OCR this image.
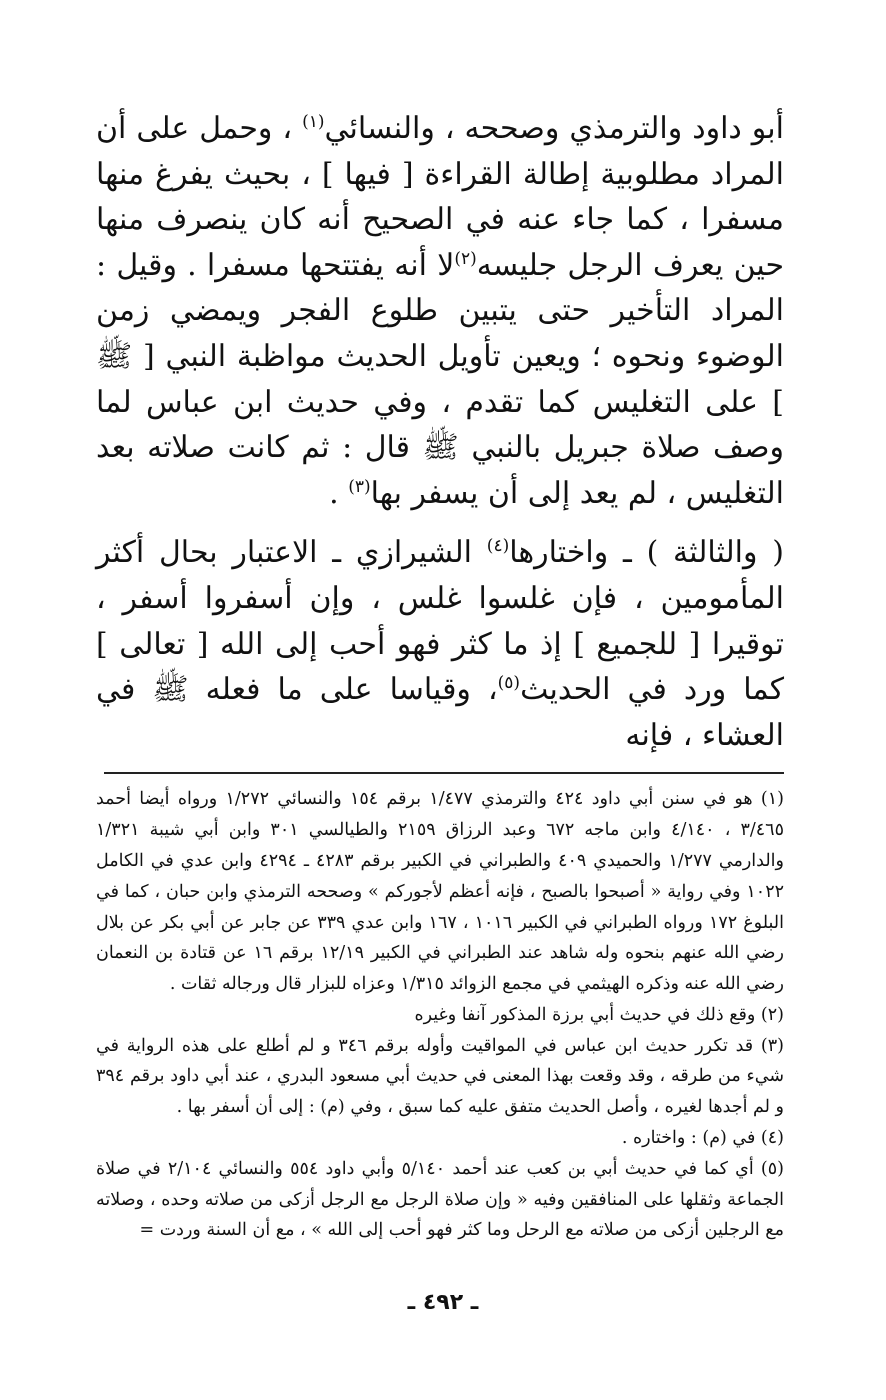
أبو داود والترمذي وصححه ، والنسائي$^{(١)}$ ، وحمل على أن المراد مطلوبية إطالة القراءة [ فيها ] ، بحيث يفرغ منها مسفرا ، كما جاء عنه في الصحيح أنه كان ينصرف منها حين يعرف الرجل جليسه$^{(٢)}$لا أنه يفتتحها مسفرا . وقيل : المراد التأخير حتى يتبين طلوع الفجر ويمضي زمن الوضوء ونحوه ؛ ويعين تأويل الحديث مواظبة النبي [ ﷺ ] على التغليس كما تقدم ، وفي حديث ابن عباس لما وصف صلاة جبريل بالنبي ﷺ قال : ثم كانت صلاته بعد التغليس ، لم يعد إلى أن يسفر بها$^{(٣)}$ .

( والثالثة ) ـ واختارها$^{(٤)}$ الشيرازي ـ الاعتبار بحال أكثر المأمومين ، فإن غلسوا غلس ، وإن أسفروا أسفر ، توقيرا [ للجميع ] إذ ما كثر فهو أحب إلى الله [ تعالى ] كما ورد في الحديث$^{(٥)}$، وقياسا على ما فعله ﷺ في العشاء ، فإنه

(١) هو في سنن أبي داود ٤٢٤ والترمذي ١/٤٧٧ برقم ١٥٤ والنسائي ١/٢٧٢ ورواه أيضا أحمد ٣/٤٦٥ ، ٤/١٤٠ وابن ماجه ٦٧٢ وعبد الرزاق ٢١٥٩ والطيالسي ٣٠١ وابن أبي شيبة ١/٣٢١ والدارمي ١/٢٧٧ والحميدي ٤٠٩ والطبراني في الكبير برقم ٤٢٨٣ ـ ٤٢٩٤ وابن عدي في الكامل ١٠٢٢ وفي رواية « أصبحوا بالصبح ، فإنه أعظم لأجوركم » وصححه الترمذي وابن حبان ، كما في البلوغ ١٧٢ ورواه الطبراني في الكبير ١٠١٦ ، ١٦٧ وابن عدي ٣٣٩ عن جابر عن أبي بكر عن بلال رضي الله عنهم بنحوه وله شاهد عند الطبراني في الكبير ١٢/١٩ برقم ١٦ عن قتادة بن النعمان رضي الله عنه وذكره الهيثمي في مجمع الزوائد ١/٣١٥ وعزاه للبزار قال ورجاله ثقات .

(٢) وقع ذلك في حديث أبي برزة المذكور آنفا وغيره

(٣) قد تكرر حديث ابن عباس في المواقيت وأوله برقم ٣٤٦ و لم أطلع على هذه الرواية في شيء من طرقه ، وقد وقعت بهذا المعنى في حديث أبي مسعود البدري ، عند أبي داود برقم ٣٩٤ و لم أجدها لغيره ، وأصل الحديث متفق عليه كما سبق ، وفي (م) : إلى أن أسفر بها .

(٤) في (م) : واختاره .

(٥) أي كما في حديث أبي بن كعب عند أحمد ٥/١٤٠ وأبي داود ٥٥٤ والنسائي ٢/١٠٤ في صلاة الجماعة وثقلها على المنافقين وفيه « وإن صلاة الرجل مع الرجل أزكى من صلاته وحده ، وصلاته مع الرجلين أزكى من صلاته مع الرحل وما كثر فهو أحب إلى الله » ، مع أن السنة وردت =

ـ ٤٩٢ ـ
